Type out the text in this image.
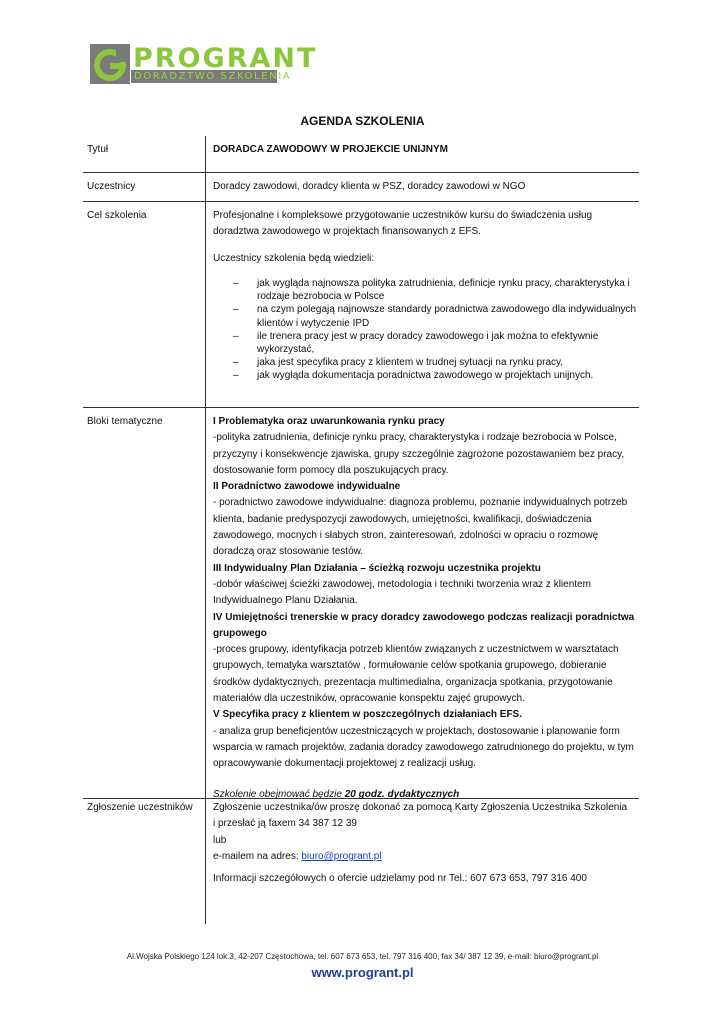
PROGRANT
DORADZTWO SZKOLENIA
AGENDA SZKOLENIA
Tytuł	DORADCA ZAWODOWY W PROJEKCIE UNIJNYM
Uczestnicy	Doradcy zawodowi, doradcy klienta w PSZ, doradcy zawodowi w NGO
Cel szkolenia	Profesjonalne i kompleksowe przygotowanie uczestników kursu do świadczenia usług doradztwa zawodowego w projektach finansowanych z EFS.

Uczestnicy szkolenia będą wiedzieli:

– jak wygląda najnowsza polityka zatrudnienia, definicje rynku pracy, charakterystyka i rodzaje bezrobocia w Polsce
– na czym polegają najnowsze standardy poradnictwa zawodowego dla indywidualnych klientów i wytyczenie IPD
– ile trenera pracy jest w pracy doradcy zawodowego i jak można to efektywnie wykorzystać,
– jaka jest specyfika pracy z klientem w trudnej sytuacji na rynku pracy,
– jak wygląda dokumentacja poradnictwa zawodowego w projektach unijnych.
Bloki tematyczne	I Problematyka oraz uwarunkowania rynku pracy

-polityka zatrudnienia, definicje rynku pracy, charakterystyka i rodzaje bezrobocia w Polsce, przyczyny i konsekwencje zjawiska, grupy szczególnie zagrożone pozostawaniem bez pracy, dostosowanie form pomocy dla poszukujących pracy.

II Poradnictwo zawodowe indywidualne

- poradnictwo zawodowe indywidualne: diagnoza problemu, poznanie indywidualnych potrzeb klienta, badanie predyspozycji zawodowych, umiejętności, kwalifikacji, doświadczenia zawodowego, mocnych i słabych stron, zainteresowań, zdolności w opraciu o rozmowę doradczą oraz stosowanie testów.

III Indywidualny Plan Działania – ścieżką rozwoju uczestnika projektu

-dobór właściwej ścieżki zawodowej, metodologia i techniki tworzenia wraz z klientem Indywidualnego Planu Działania.

IV Umiejętności trenerskie w pracy doradcy zawodowego podczas realizacji poradnictwa grupowego

-proces grupowy, identyfikacja potrzeb klientów związanych z uczestnictwem w warsztatach grupowych, tematyka warsztatów , formułowanie celów spotkania grupowego, dobieranie środków dydaktycznych, prezentacja multimedialna, organizacja spotkania, przygotowanie materiałów dla uczestników, opracowanie konspektu zajęć grupowych.

V Specyfika pracy z klientem w poszczególnych działaniach EFS.

- analiza grup beneficjentów uczestniczących w projektach, dostosowanie i planowanie form wsparcia w ramach projektów, zadania doradcy zawodowego zatrudnionego do projektu, w tym opracowywanie dokumentacji projektowej z realizacji usług.

Szkolenie obejmować będzie 20 godz. dydaktycznych

Zgłoszenie uczestników	Zgłoszenie uczestnika/ów proszę dokonać za pomocą Karty Zgłoszenia Uczestnika Szkolenia

i przesłać ją faxem 34 387 12 39

lub

e-mailem na adres: biuro@progrant.pl

Informacji szczegółowych o ofercie udzielamy pod nr Tel.: 607 673 653, 797 316 400

Al.Wojska Polskiego 124 lok.3, 42-207 Częstochowa, tel. 607 673 653, tel. 797 316 400, fax 34/ 387 12 39, e-mail: biuro@progrant.pl
www.progrant.pl
